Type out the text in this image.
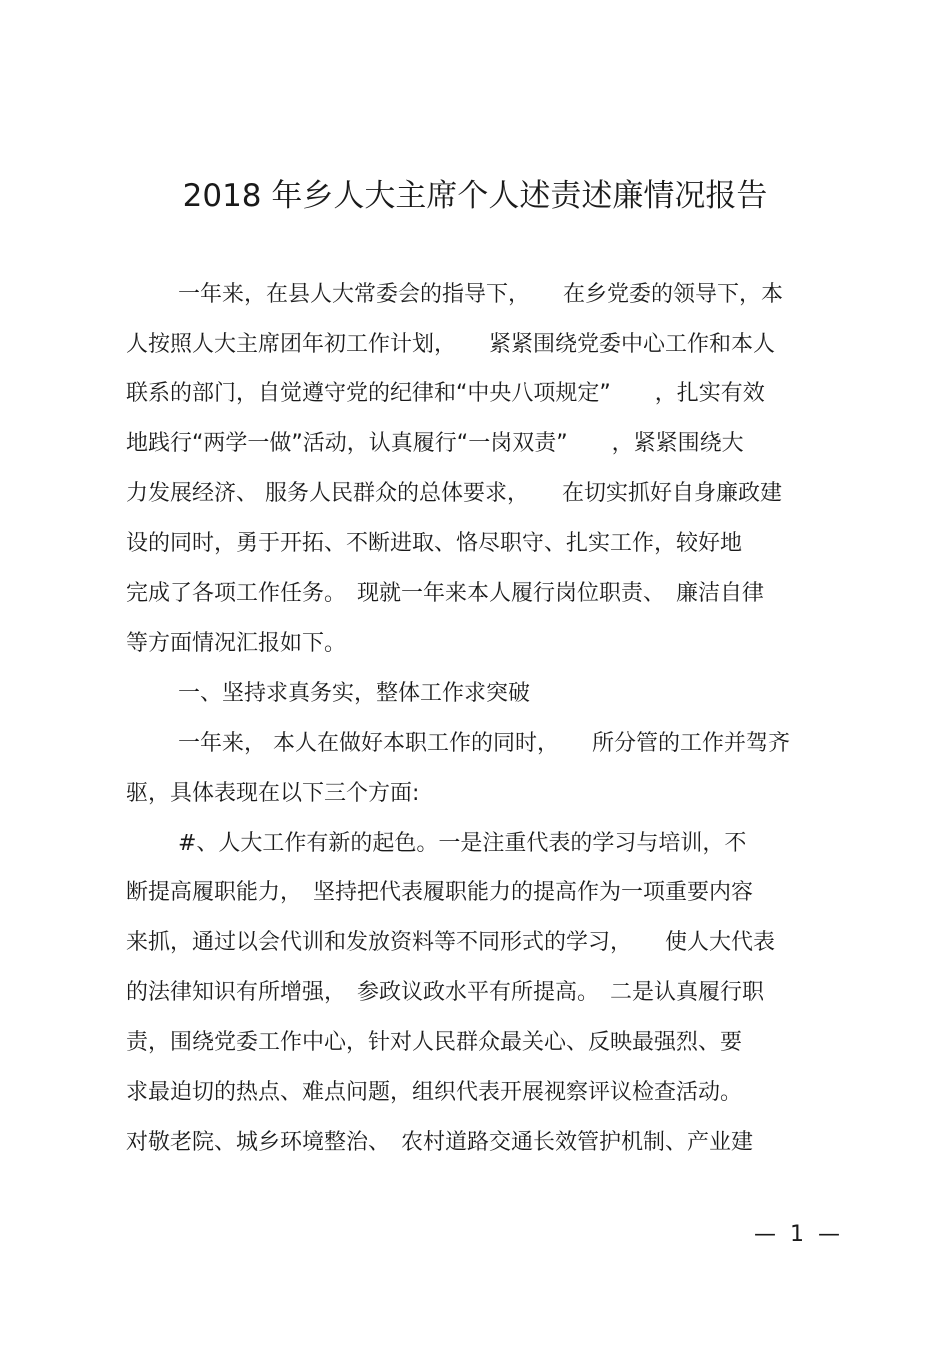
2018 年乡人大主席个人述责述廉情况报告

一年来，在县人大常委会的指导下，　　在乡党委的领导下，本

人按照人大主席团年初工作计划，　　紧紧围绕党委中心工作和本人

联系的部门，自觉遵守党的纪律和“中央八项规定”　　，扎实有效

地践行“两学一做”活动，认真履行“一岗双责”　　，紧紧围绕大

力发展经济、 服务人民群众的总体要求，　　在切实抓好自身廉政建

设的同时，勇于开拓、不断进取、恪尽职守、扎实工作，较好地

完成了各项工作任务。　现就一年来本人履行岗位职责、　廉洁自律

等方面情况汇报如下。

一、坚持求真务实，整体工作求突破

一年来， 本人在做好本职工作的同时，　　所分管的工作并驾齐

驱，具体表现在以下三个方面:

#、人大工作有新的起色。一是注重代表的学习与培训，不

断提高履职能力，　坚持把代表履职能力的提高作为一项重要内容

来抓，通过以会代训和发放资料等不同形式的学习，　　使人大代表

的法律知识有所增强，　参政议政水平有所提高。　二是认真履行职

责，围绕党委工作中心，针对人民群众最关心、反映最强烈、要

求最迫切的热点、难点问题，组织代表开展视察评议检查活动。

对敬老院、城乡环境整治、　农村道路交通长效管护机制、产业建

—  1  —
